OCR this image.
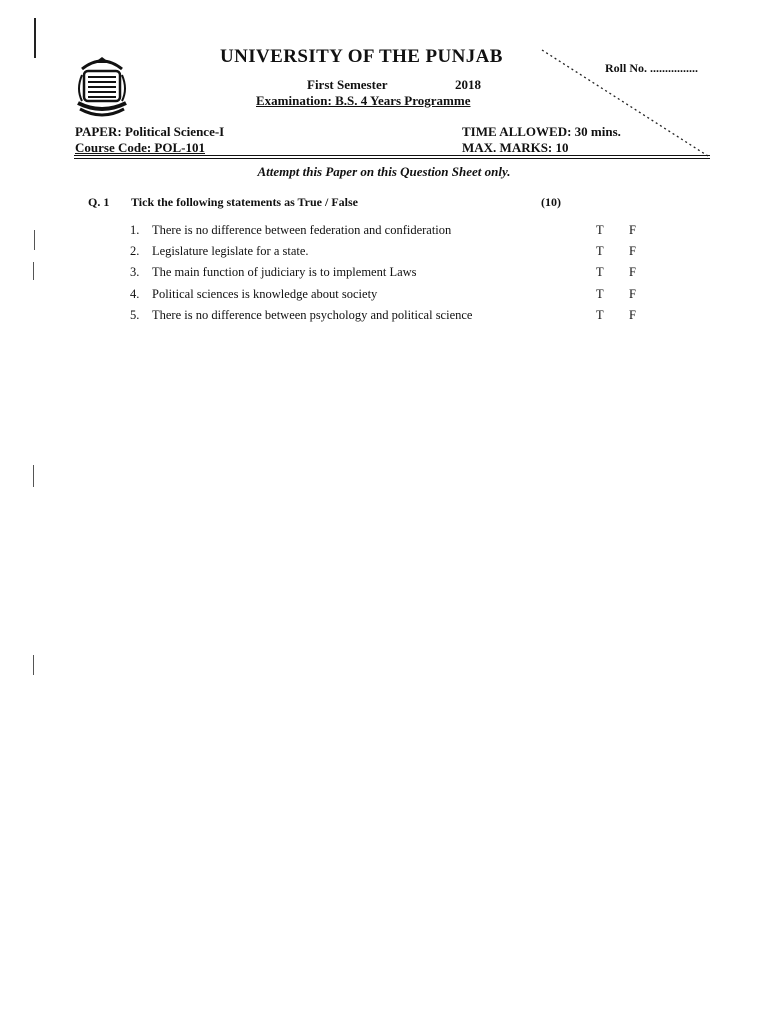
UNIVERSITY OF THE PUNJAB
Roll No. ................
First Semester	2018
Examination: B.S. 4 Years Programme
PAPER: Political Science-I
Course Code: POL-101
TIME ALLOWED: 30 mins.
MAX. MARKS: 10
Attempt this Paper on this Question Sheet only.
Q. 1 Tick the following statements as True / False	(10)
1. There is no difference between federation and confideration	T F
2. Legislature legislate for a state.	T F
3. The main function of judiciary is to implement Laws	T F
4. Political sciences is knowledge about society	T F
5. There is no difference between psychology and political science	T F
